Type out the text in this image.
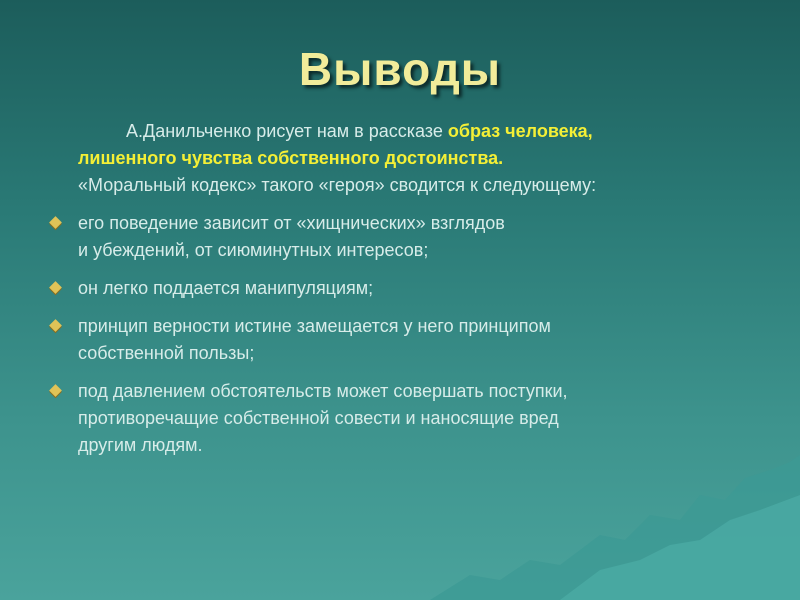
Выводы

А.Данильченко рисует нам в рассказе образ человека,
лишенного чувства собственного достоинства.
«Моральный кодекс» такого «героя» сводится к следующему:

его поведение зависит от «хищнических» взглядов
и убеждений, от сиюминутных интересов;
он легко поддается манипуляциям;
принцип верности истине замещается у него принципом
собственной пользы;
под давлением обстоятельств может совершать поступки,
противоречащие собственной совести и наносящие вред
другим людям.
